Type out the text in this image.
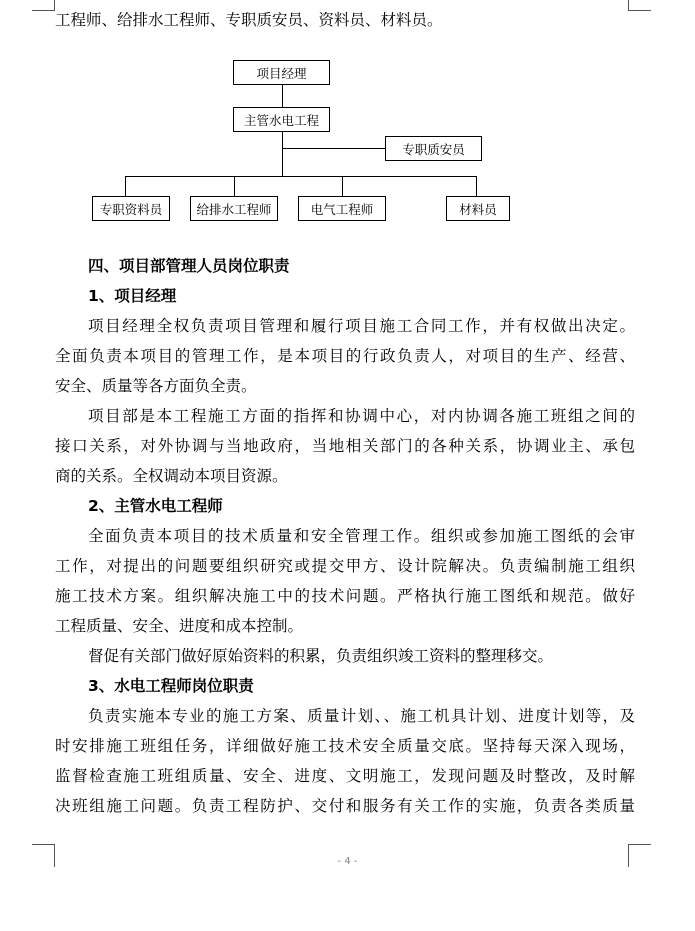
工程师、给排水工程师、专职质安员、资料员、材料员。
项目经理
主管水电工程
专职质安员
专职资料员	给排水工程师	电气工程师	材料员
四、项目部管理人员岗位职责
1、项目经理
项目经理全权负责项目管理和履行项目施工合同工作，并有权做出决定。
全面负责本项目的管理工作，是本项目的行政负责人，对项目的生产、经营、
安全、质量等各方面负全责。
项目部是本工程施工方面的指挥和协调中心，对内协调各施工班组之间的
接口关系，对外协调与当地政府，当地相关部门的各种关系，协调业主、承包
商的关系。全权调动本项目资源。
2、主管水电工程师
全面负责本项目的技术质量和安全管理工作。组织或参加施工图纸的会审
工作，对提出的问题要组织研究或提交甲方、设计院解决。负责编制施工组织
施工技术方案。组织解决施工中的技术问题。严格执行施工图纸和规范。做好
工程质量、安全、进度和成本控制。
督促有关部门做好原始资料的积累，负责组织竣工资料的整理移交。
3、水电工程师岗位职责
负责实施本专业的施工方案、质量计划、、施工机具计划、进度计划等，及
时安排施工班组任务，详细做好施工技术安全质量交底。坚持每天深入现场，
监督检查施工班组质量、安全、进度、文明施工，发现问题及时整改，及时解
决班组施工问题。负责工程防护、交付和服务有关工作的实施，负责各类质量
- 4 -
